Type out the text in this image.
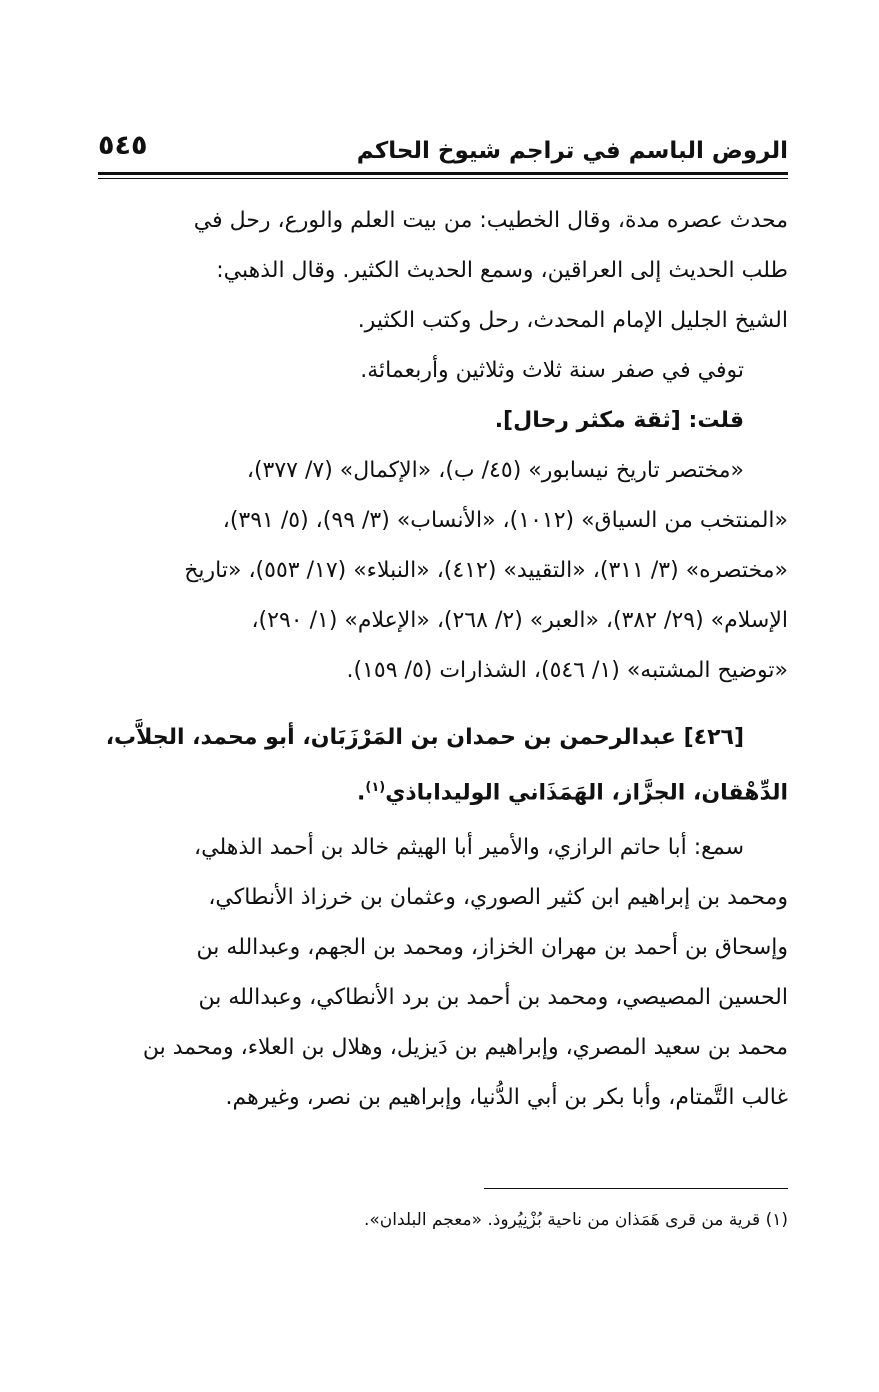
الروض الباسم في تراجم شيوخ الحاكم
٥٤٥
محدث عصره مدة، وقال الخطيب: من بيت العلم والورع، رحل في
طلب الحديث إلى العراقين، وسمع الحديث الكثير. وقال الذهبي:
الشيخ الجليل الإمام المحدث، رحل وكتب الكثير.
توفي في صفر سنة ثلاث وثلاثين وأربعمائة.
قلت: [ثقة مكثر رحال].
«مختصر تاريخ نيسابور» (٤٥/ ب)، «الإكمال» (٧/ ٣٧٧)،
«المنتخب من السياق» (١٠١٢)، «الأنساب» (٣/ ٩٩)، (٥/ ٣٩١)،
«مختصره» (٣/ ٣١١)، «التقييد» (٤١٢)، «النبلاء» (١٧/ ٥٥٣)، «تاريخ
الإسلام» (٢٩/ ٣٨٢)، «العبر» (٢/ ٢٦٨)، «الإعلام» (١/ ٢٩٠)،
«توضيح المشتبه» (١/ ٥٤٦)، الشذارات (٥/ ١٥٩).
[٤٢٦] عبدالرحمن بن حمدان بن المَرْزَبَان، أبو محمد، الجلاَّب،
الدِّهْقان، الجزَّاز، الهَمَذَاني الوليداباذي$^{(١)}$.
سمع: أبا حاتم الرازي، والأمير أبا الهيثم خالد بن أحمد الذهلي،
ومحمد بن إبراهيم ابن كثير الصوري، وعثمان بن خرزاذ الأنطاكي،
وإسحاق بن أحمد بن مهران الخزاز، ومحمد بن الجهم، وعبدالله بن
الحسين المصيصي، ومحمد بن أحمد بن برد الأنطاكي، وعبدالله بن
محمد بن سعيد المصري، وإبراهيم بن دَيزيل، وهلال بن العلاء، ومحمد بن
غالب التَّمتام، وأبا بكر بن أبي الدُّنيا، وإبراهيم بن نصر، وغيرهم.
(١) قرية من قرى هَمَذان من ناحية بُزْنِيُروذ. «معجم البلدان».
